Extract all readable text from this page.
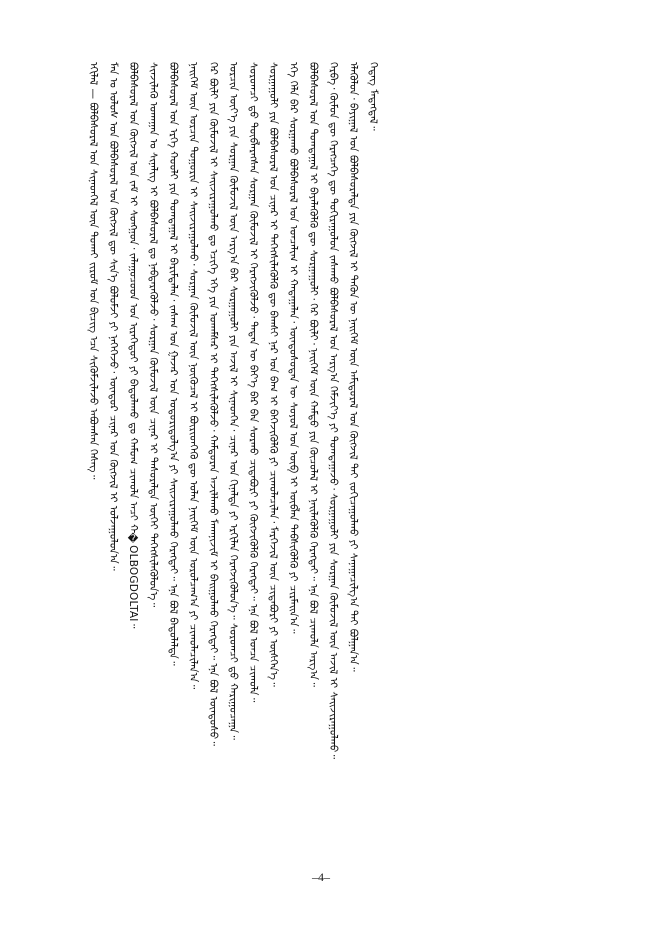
ᠭᠡᠳᠡᠭ᠌ ᠮᠡᠳᠡᠭᠳᠡᠯ᠃
ᠡᠯᠡᠭᠦᠯᠦᠨ᠂ ᠪᠠᠶᠢᠭᠠᠯ ᠤᠨ ᠪᠣᠯᠪᠠᠰᠤᠷᠠᠯᠳᠠ ᠶᠢᠨ ᠬᠥᠭᠵᠢᠯ ᠢ ᠲᠡᠭᠦᠨ ᠦ ᠨᠡᠢᠭᠡᠮ ᠦᠨ ᠠᠮᠢᠳᠤᠷᠠᠯ ᠤᠨ ᠬᠥᠭᠵᠢᠯ ᠲᠡᠢ ᠵᠣᠬᠢᠴᠠᠭᠤᠯᠬᠤ ᠶᠢ ᠰᠠᠨᠠᠭᠠᠴᠢᠯᠭ᠎ᠠ ᠲᠠᠢ ᠪᠣᠯᠭᠠᠨ᠎ᠠ᠃
ᠬᠡᠷᠪᠡ᠂ ᠬᠦᠮᠦᠨ ᠳᠦ ᠬᠡᠷᠡᠭᠴᠡᠭᠡ ᠳᠦ ᠲᠣᠬᠢᠷᠠᠭᠤᠯᠤᠨ ᠵᠠᠰᠠᠬᠤ ᠪᠣᠯᠪᠠᠰᠤᠷᠠᠯ ᠤᠨ ᠠᠷᠭ᠎ᠠ ᠬᠡᠮᠵᠢᠶ᠎ᠡ ᠶᠢ ᠲᠣᠭᠲᠠᠭᠠᠵᠤ᠂ ᠰᠤᠷᠭᠠᠭᠤᠯᠢ ᠶᠢᠨ ᠰᠤᠷᠭᠠᠨ ᠬᠥᠮᠦᠵᠢᠯ ᠦᠨ ᠠᠵᠢᠯ ᠢ ᠰᠠᠢᠵᠢᠷᠠᠭᠤᠯᠬᠤ᠃
ᠪᠣᠯᠪᠠᠰᠤᠷᠠᠯ ᠤᠨ ᠲᠣᠭᠲᠠᠭᠠᠯ ᠢ ᠪᠡᠶᠡᠯᠡᠭᠦᠯᠬᠦ ᠳᠦ ᠰᠤᠷᠭᠠᠭᠤᠯᠢ᠂ ᠭᠡᠷ ᠪᠦᠯᠢ᠂ ᠨᠡᠢᠭᠡᠮ ᠦᠨ ᠬᠠᠮᠲᠤ ᠶᠢᠨ ᠬᠦᠴᠦᠯᠡᠯ ᠢ ᠨᠡᠢᠯᠡᠭᠦᠯᠬᠦ ᠬᠡᠷᠡᠭᠲᠡᠢ᠃ ᠡᠨᠡ ᠪᠣᠯ ᠴᠢᠬᠤᠯᠠ ᠠᠷᠭ᠎ᠠ᠃
ᠡᠬᠡ ᠬᠡᠯᠡ ᠪᠡᠷ ᠰᠤᠷᠭᠠᠬᠤ ᠪᠣᠯᠪᠠᠰᠤᠷᠠᠯ ᠤᠨ ᠣᠨᠴᠠᠯᠢᠭ ᠢ ᠬᠠᠳᠠᠭᠠᠯᠠᠨ᠂ ᠦᠨᠳᠦᠰᠦᠲᠡᠨ ᠦ ᠰᠣᠶᠣᠯ ᠤᠨ ᠥᠪ ᠢ ᠥᠪᠯᠡᠨ ᠳᠡᠪᠰᠢᠭᠦᠯᠬᠦ ᠶᠢ ᠴᠢᠷᠮᠠᠢᠨ᠎ᠠ᠃
ᠰᠤᠷᠭᠠᠭᠤᠯᠢ ᠶᠢᠨ ᠪᠣᠯᠪᠠᠰᠤᠷᠠᠯ ᠤᠨ ᠴᠢᠨᠠᠷ ᠢ ᠳᠡᠭᠡᠭᠰᠢᠯᠡᠭᠦᠯᠬᠦ ᠳᠦ ᠪᠠᠭᠰᠢ ᠨᠠᠷ ᠤᠨ ᠪᠠᠭ ᠢ ᠪᠡᠭᠡᠵᠢᠭᠦᠯᠬᠦ ᠶᠢ ᠴᠢᠬᠤᠯᠠᠴᠢᠯᠠᠨ᠂ ᠮᠡᠷᠭᠡᠵᠢᠯ ᠦᠨ ᠴᠢᠳᠠᠪᠤᠷᠢ ᠶᠢ ᠥᠰᠬᠡᠨ᠎ᠡ᠃
ᠰᠤᠷᠤᠭᠴᠢ ᠳ᠋ᠤ ᠲᠥᠪᠯᠡᠷᠡᠭᠰᠡᠨ ᠰᠤᠷᠭᠠᠨ ᠬᠥᠮᠦᠵᠢᠯ ᠢ ᠬᠡᠷᠡᠭᠵᠢᠭᠦᠯᠵᠦ᠂ ᠲᠡᠳᠡᠨ ᠦ ᠪᠡᠶ᠎ᠡ ᠪᠡᠷ ᠪᠡᠨ ᠰᠤᠷᠬᠤ ᠴᠢᠳᠠᠪᠤᠷᠢ ᠶᠢ ᠬᠥᠭᠵᠢᠭᠦᠯᠬᠦ ᠬᠡᠷᠡᠭᠲᠡᠢ᠃ ᠡᠨᠡ ᠪᠣᠯ ᠣᠨᠴᠠ ᠴᠢᠬᠤᠯᠠ᠃
ᠣᠷᠴᠢᠨ ᠦᠶ᠎ᠡ ᠶᠢᠨ ᠰᠤᠷᠭᠠᠨ ᠬᠦᠮᠦᠵᠢᠯ ᠦᠨ ᠠᠷᠭ᠎ᠠ ᠪᠠᠷ ᠰᠤᠷᠭᠠᠭᠤᠯᠢ ᠶᠢᠨ ᠠᠵᠢᠯ ᠢ ᠰᠢᠨᠡᠳᠬᠡᠨ᠂ ᠴᠢᠨᠠᠷ ᠤᠨ ᠬᠢᠨᠠᠯᠲᠠ ᠶᠢ ᠡᠷᠬᠢᠯᠡᠨ ᠬᠡᠷᠡᠭᠵᠢᠭᠦᠯᠦᠨ᠎ᠡ᠃ ᠰᠤᠷᠤᠭᠴᠢ ᠳ᠋ᠤ ᠬᠠᠷᠢᠭᠤᠴᠠᠭᠠ᠃
ᠭᠡᠷ ᠪᠦᠯᠢ ᠶᠢᠨ ᠬᠦᠮᠦᠵᠢᠯ ᠢ ᠰᠠᠢᠵᠢᠷᠠᠭᠤᠯᠬᠤ ᠳᠤ ᠡᠴᠢᠭᠡ ᠡᠬᠡ ᠶᠢᠨ ᠤᠬᠠᠮᠰᠠᠷ ᠢ ᠳᠡᠭᠡᠭᠰᠢᠯᠡᠭᠦᠯᠵᠦ᠂ ᠬᠠᠮᠲᠤᠷᠠᠨ ᠠᠵᠢᠯᠯᠠᠬᠤ ᠮᠡᠬᠠᠨᠢᠵᠢᠮ ᠢ ᠪᠠᠢᠭᠤᠯᠬᠤ ᠬᠡᠷᠡᠭᠲᠡᠢ᠃ ᠡᠨᠡ ᠪᠣᠯ ᠦᠨᠳᠦᠰᠦ᠃
ᠨᠡᠢᠭᠡᠮ ᠦᠨ ᠣᠷᠴᠢᠨ ᠲᠣᠭᠣᠷᠢᠨ ᠢ ᠰᠠᠢᠵᠢᠷᠠᠭᠤᠯᠬᠤ᠂ ᠰᠤᠷᠭᠠᠨ ᠬᠦᠮᠦᠵᠢᠯ ᠦᠨ ᠨᠥᠭᠦᠴᠡᠯ ᠢ ᠪᠦᠷᠢᠳᠬᠡᠬᠦ ᠳᠦ ᠣᠯᠠᠨ ᠨᠡᠢᠭᠡᠮ ᠦᠨ ᠣᠷᠣᠯᠴᠠᠭ᠎ᠠ ᠶᠢ ᠴᠢᠬᠤᠯᠠᠴᠢᠯᠠᠨ᠎ᠠ᠃
ᠪᠣᠯᠪᠠᠰᠤᠷᠠᠯ ᠤᠨ ᠡᠷᠬᠡ ᠬᠤᠤᠯᠢ ᠶᠢᠨ ᠲᠣᠭᠲᠠᠭᠠᠯ ᠢ ᠪᠠᠷᠢᠮᠲᠠᠯᠠᠨ᠂ ᠵᠠᠰᠠᠭ ᠤᠨ ᠭᠠᠵᠠᠷ ᠤᠨ ᠤᠳᠤᠷᠢᠳᠤᠯᠭ᠎ᠠ ᠶᠢ ᠰᠠᠢᠵᠢᠷᠠᠭᠤᠯᠬᠤ ᠬᠡᠷᠡᠭᠲᠡᠢ᠃ ᠡᠨᠡ ᠪᠣᠯ ᠪᠠᠲᠤᠯᠠᠯᠲᠠ᠃
ᠰᠢᠨᠵᠢᠯᠡᠬᠦ ᠤᠬᠠᠭᠠᠨ ᠤ ᠰᠢᠨᠡᠯᠢᠭ ᠢ ᠪᠣᠯᠪᠠᠰᠤᠷᠠᠯ ᠳᠤ ᠨᠡᠪᠲᠡᠷᠡᠭᠦᠯᠵᠦ᠂ ᠰᠤᠷᠭᠠᠨ ᠬᠦᠮᠦᠵᠢᠯ ᠦᠨ ᠴᠢᠨᠠᠷ ᠢ ᠲᠠᠰᠤᠷᠠᠯᠲᠠ ᠦᠭᠡᠢ ᠳᠡᠭᠡᠭᠰᠢᠯᠡᠭᠦᠯᠦᠨ᠎ᠡ᠃
ᠪᠣᠯᠪᠠᠰᠤᠷᠠᠯ ᠤᠨ ᠬᠥᠭᠵᠢᠯ ᠤᠨ ᠵᠠᠮ ᠢ ᠰᠣᠩᠭᠣᠨ᠂ ᠵᠠᠯᠠᠭᠤᠴᠤᠳ ᠤᠨ ᠢᠷᠡᠭᠡᠳᠦᠢ ᠶᠢ ᠪᠠᠲᠤᠯᠠᠬᠤ ᠳᠤ ᠬᠠᠮᠤᠭ ᠴᠢᠬᠤᠯᠠ ᠠᠴᠢ ᠬ�OLBOGDOLTAI᠃
ᠮᠠᠨ ᠤ ᠤᠯᠤᠰ ᠤᠨ ᠪᠣᠯᠪᠠᠰᠤᠷᠠᠯ ᠤᠨ ᠬᠥᠭᠵᠢᠯ ᠳᠦ ᠰᠢᠨ᠎ᠡ ᠪᠣᠯᠤᠮᠵᠢ ᠶᠢ ᠨᠡᠭᠡᠭᠡᠵᠦ᠂ ᠥᠨᠳᠥᠷ ᠴᠢᠨᠠᠷ ᠤᠨ ᠬᠥᠭᠵᠢᠯ ᠢ ᠣᠯᠵᠠᠭᠤᠯᠤᠨ᠎ᠠ᠃
ᠡᠬᠢᠯᠡᠯ — ᠪᠣᠯᠪᠠᠰᠤᠷᠠᠯ ᠤᠨ ᠰᠢᠨᠡᠳᠬᠡᠯ ᠦᠨ ᠲᠤᠬᠠᠢ ᠵᠢᠷᠤᠮ ᠤᠨ ᠪᠢᠴᠢᠭ ᠡᠴᠡ ᠰᠢᠭᠦᠮᠵᠢᠯᠡᠵᠦ ᠠᠪᠤᠭᠰᠠᠨ ᠬᠡᠰᠡᠭ᠃
–4–
